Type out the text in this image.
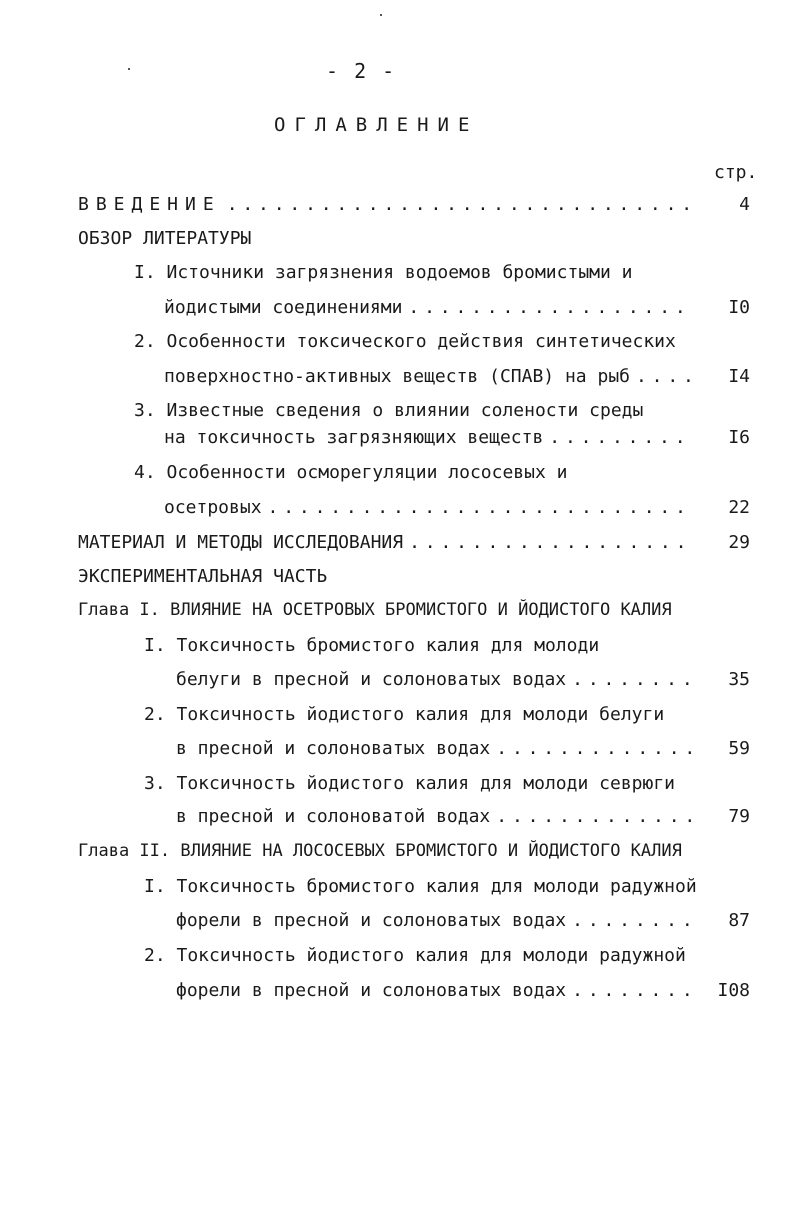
- 2 -
ОГЛАВЛЕНИЕ
стр.
ВВЕДЕНИЕ . . .	4
ОБЗОР ЛИТЕРАТУРЫ
I. Источники загрязнения водоемов бромистыми и
йодистыми соединениями . . .	I0
2. Особенности токсического действия синтетических
поверхностно-активных веществ (СПАВ) на рыб . . .	I4
3. Известные сведения о влиянии солености среды
на токсичность загрязняющих веществ . . .	I6
4. Особенности осморегуляции лососевых и
осетровых . . .	22
МАТЕРИАЛ И МЕТОДЫ ИССЛЕДОВАНИЯ . . .	29
ЭКСПЕРИМЕНТАЛЬНАЯ ЧАСТЬ
Глава I. ВЛИЯНИЕ НА ОСЕТРОВЫХ БРОМИСТОГО И ЙОДИСТОГО КАЛИЯ
I. Токсичность бромистого калия для молоди
белуги в пресной и солоноватых водах . . .	35
2. Токсичность йодистого калия для молоди белуги
в пресной и солоноватых водах . . .	59
3. Токсичность йодистого калия для молоди севрюги
в пресной и солоноватой водах . . .	79
Глава II. ВЛИЯНИЕ НА ЛОСОСЕВЫХ БРОМИСТОГО И ЙОДИСТОГО КАЛИЯ
I. Токсичность бромистого калия для молоди радужной
форели в пресной и солоноватых водах . . .	87
2. Токсичность йодистого калия для молоди радужной
форели в пресной и солоноватых водах . . .	I08
